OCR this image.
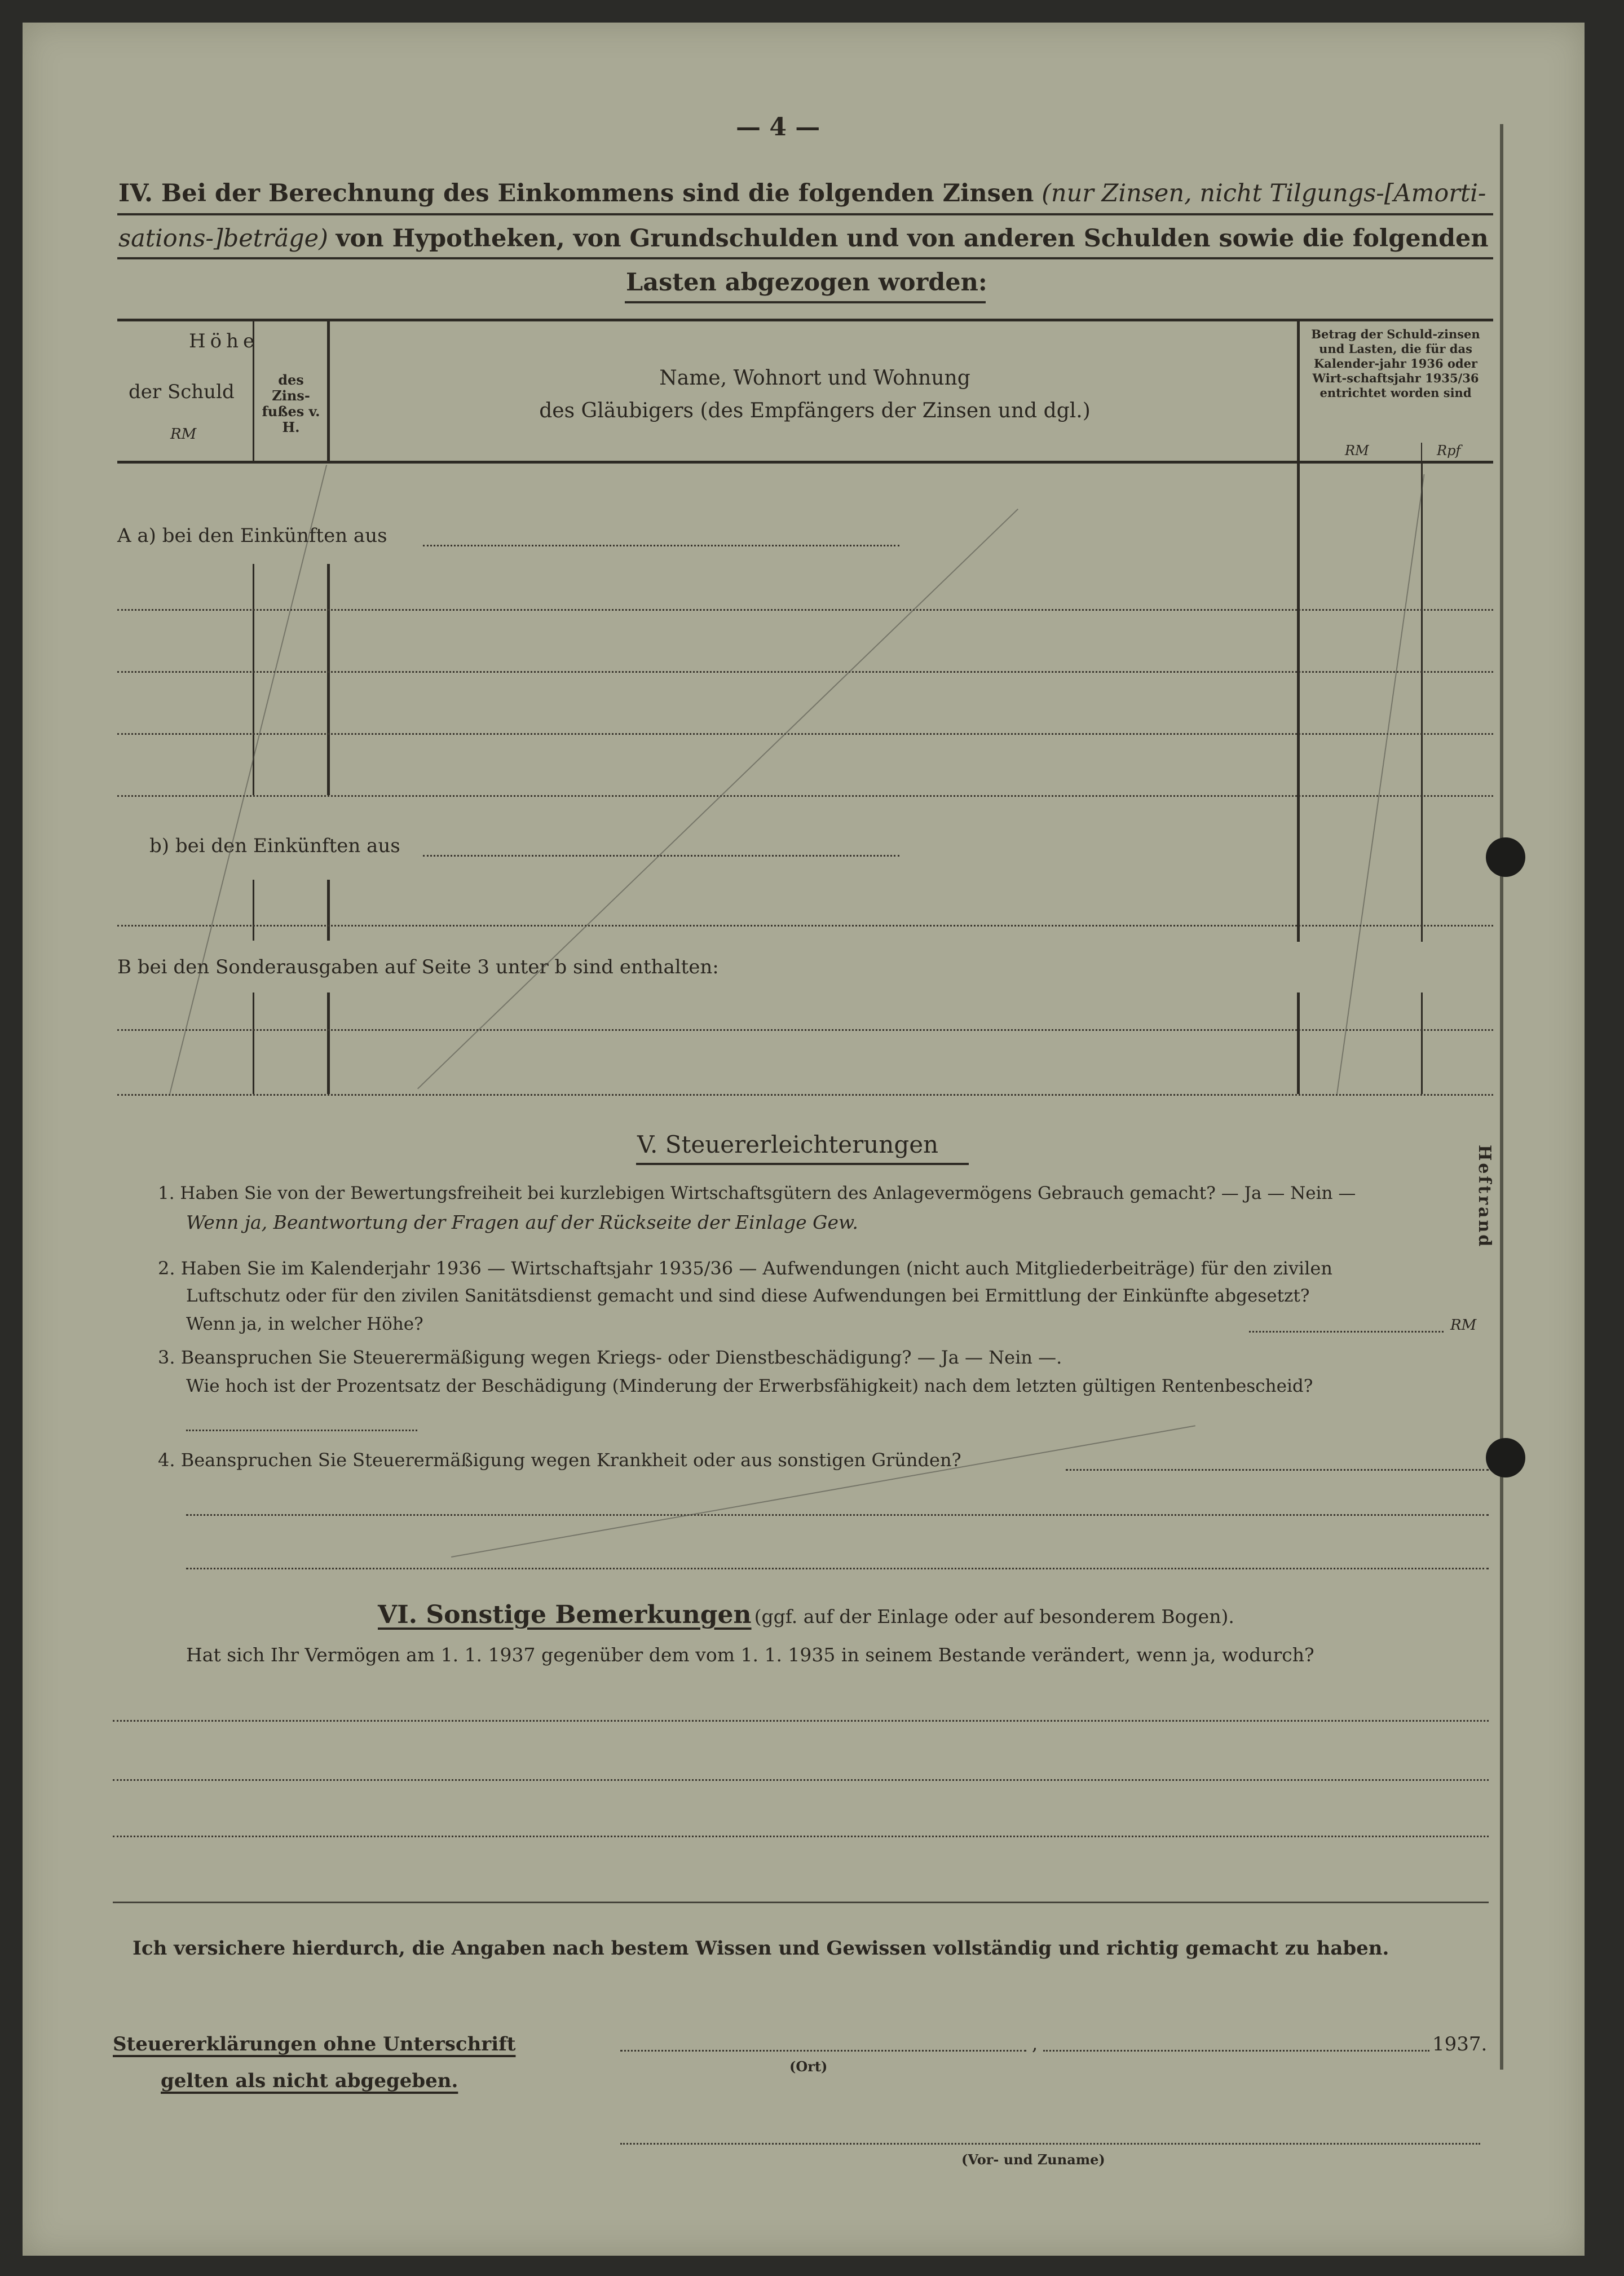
Heftrand
— 4 —
IV. Bei der Berechnung des Einkommens sind die folgenden Zinsen (nur Zinsen, nicht Tilgungs-[Amorti-
sations-]beträge) von Hypotheken, von Grundschulden und von anderen Schulden sowie die folgenden
Lasten abgezogen worden:
Höhe
der Schuld
RM
des Zins-fußes v. H.
Name, Wohnort und Wohnung
des Gläubigers (des Empfängers der Zinsen und dgl.)
Betrag der Schuld-zinsen und Lasten, die für das Kalender-jahr 1936 oder Wirt-schaftsjahr 1935/36 entrichtet worden sind
RM	Rpf
A a) bei den Einkünften aus
b) bei den Einkünften aus
B bei den Sonderausgaben auf Seite 3 unter b sind enthalten:
V. Steuererleichterungen
1. Haben Sie von der Bewertungsfreiheit bei kurzlebigen Wirtschaftsgütern des Anlagevermögens Gebrauch gemacht? — Ja — Nein —
Wenn ja, Beantwortung der Fragen auf der Rückseite der Einlage Gew.
2. Haben Sie im Kalenderjahr 1936 — Wirtschaftsjahr 1935/36 — Aufwendungen (nicht auch Mitgliederbeiträge) für den zivilen
Luftschutz oder für den zivilen Sanitätsdienst gemacht und sind diese Aufwendungen bei Ermittlung der Einkünfte abgesetzt?
Wenn ja, in welcher Höhe?	RM
3. Beanspruchen Sie Steuerermäßigung wegen Kriegs- oder Dienstbeschädigung? — Ja — Nein —.
Wie hoch ist der Prozentsatz der Beschädigung (Minderung der Erwerbsfähigkeit) nach dem letzten gültigen Rentenbescheid?
4. Beanspruchen Sie Steuerermäßigung wegen Krankheit oder aus sonstigen Gründen?
VI. Sonstige Bemerkungen (ggf. auf der Einlage oder auf besonderem Bogen).
Hat sich Ihr Vermögen am 1. 1. 1937 gegenüber dem vom 1. 1. 1935 in seinem Bestande verändert, wenn ja, wodurch?
Ich versichere hierdurch, die Angaben nach bestem Wissen und Gewissen vollständig und richtig gemacht zu haben.
Steuererklärungen ohne Unterschrift
gelten als nicht abgegeben.
,	1937.
(Ort)
(Vor- und Zuname)
